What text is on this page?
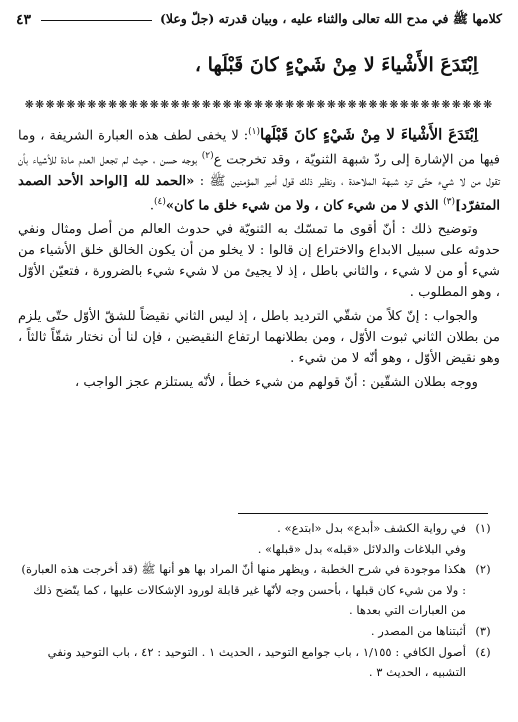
كلامها ﷺ في مدح الله تعالى والثناء عليه ، وبيان قدرته (جلّ وعلا)
٤٣
اِبْتَدَعَ الأَشْياءَ لا مِنْ شَيْءٍ كانَ قَبْلَها ،
❋❋❋❋❋❋❋❋❋❋❋❋❋❋❋❋❋❋❋❋❋❋❋❋❋❋❋❋❋❋❋❋❋❋❋❋❋❋❋❋❋❋❋❋❋

اِبْتَدَعَ الأَشْياءَ لا مِنْ شَيْءٍ كانَ قَبْلَها$^{(١)}$: لا يخفى لطف هذه العبارة الشريفة ، وما فيها من الإشارة إلى ردّ شبهة الثنويّة ، وقد تخرجت ع$^{(٢)}$ بوجه حسن ، حيث لم تجعل العدم مادة للأشياء بأن تقول من لا شيء حتّى ترد شبهة الملاحدة ، ونظير ذلك قول أمير المؤمنين ﷺ : «الحمد لله [الواحد الأحد الصمد المتفرّد]$^{(٣)}$ الذي لا من شيء كان ، ولا من شيء خلق ما كان»$^{(٤)}$.

وتوضيح ذلك : أنّ أقوى ما تمسّك به الثنويّة في حدوث العالم من أصل ومثال ونفي حدوثه على سبيل الابداع والاختراع إن قالوا : لا يخلو من أن يكون الخالق خلق الأشياء من شيء أو من لا شيء ، والثاني باطل ، إذ لا يجيئ من لا شيء شيء بالضرورة ، فتعيّن الأوّل ، وهو المطلوب .

والجواب : إنّ كلاً من شقّي الترديد باطل ، إذ ليس الثاني نقيضاً للشقّ الأوّل حتّى يلزم من بطلان الثاني ثبوت الأوّل ، ومن بطلانهما ارتفاع النقيضين ، فإن لنا أن نختار شقّاً ثالثاً ، وهو نقيض الأوّل ، وهو أنّه لا من شيء .

ووجه بطلان الشقّين : أنّ قولهم من شيء خطأ ، لأنّه يستلزم عجز الواجب ،

(١)
في رواية الكشف «أبدع» بدل «ابتدع» .
وفي البلاغات والدلائل «قبله» بدل «قبلها» .
(٢)
هكذا موجودة في شرح الخطبة ، ويظهر منها أنّ المراد بها هو أنها ﷺ (قد أخرجت هذه العبارة) : ولا من شيء كان قبلها ، بأحسن وجه لأنّها غير قابلة لورود الإشكالات عليها ، كما يتّضح ذلك من العبارات التي بعدها .
(٣)
أثبتناها من المصدر .
(٤)
أصول الكافي : ١/١٥٥ ، باب جوامع التوحيد ، الحديث ١ . التوحيد : ٤٢ ، باب التوحيد ونفي التشبيه ، الحديث ٣ .
